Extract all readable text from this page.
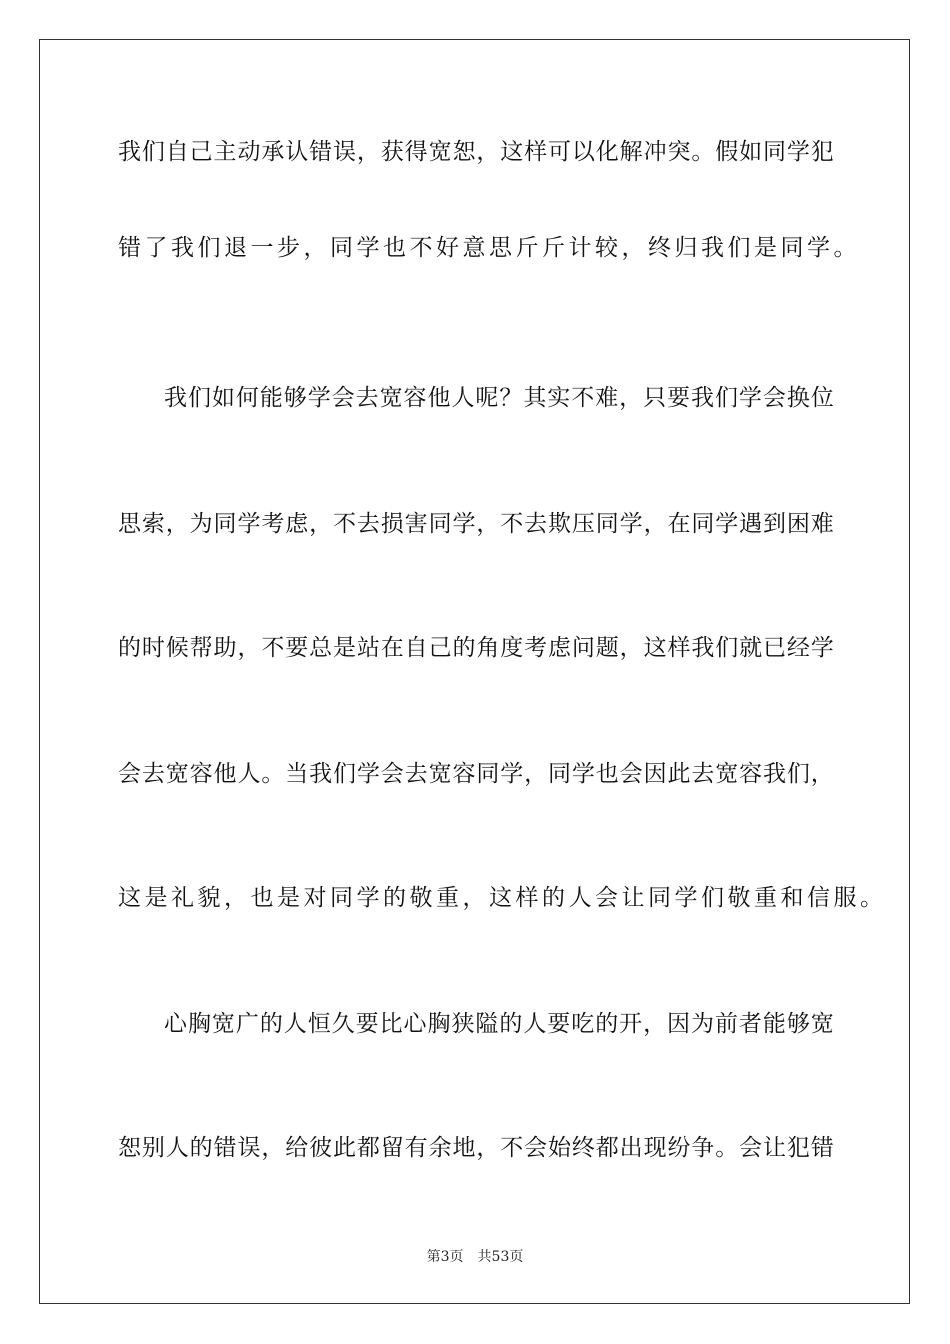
我们自己主动承认错误，获得宽恕，这样可以化解冲突。假如同学犯
错了我们退一步，同学也不好意思斤斤计较，终归我们是同学。
我们如何能够学会去宽容他人呢？其实不难，只要我们学会换位
思索，为同学考虑，不去损害同学，不去欺压同学，在同学遇到困难
的时候帮助，不要总是站在自己的角度考虑问题，这样我们就已经学
会去宽容他人。当我们学会去宽容同学，同学也会因此去宽容我们，
这是礼貌，也是对同学的敬重，这样的人会让同学们敬重和信服。
心胸宽广的人恒久要比心胸狭隘的人要吃的开，因为前者能够宽
恕别人的错误，给彼此都留有余地，不会始终都出现纷争。会让犯错
第3页 共53页
